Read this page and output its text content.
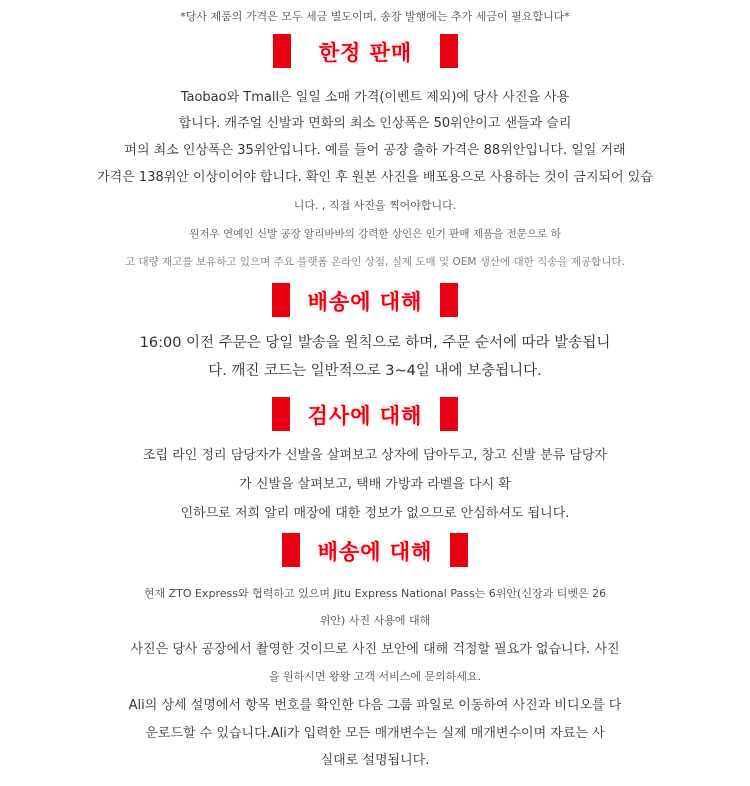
*당사 제품의 가격은 모두 세금 별도이며, 송장 발행에는 추가 세금이 필요합니다*
한정 판매
Taobao와 Tmall은 일일 소매 가격(이벤트 제외)에 당사 사진을 사용
합니다. 캐주얼 신발과 면화의 최소 인상폭은 50위안이고 샌들과 슬리
퍼의 최소 인상폭은 35위안입니다. 예를 들어 공장 출하 가격은 88위안입니다. 일일 거래
가격은 138위안 이상이어야 합니다. 확인 후 원본 사진을 배포용으로 사용하는 것이 금지되어 있습
니다. , 직접 사진을 찍어야합니다.
원저우 연예인 신발 공장 알리바바의 강력한 상인은 인기 판매 제품을 전문으로 하
고 대량 재고를 보유하고 있으며 주요 플랫폼 온라인 상점, 실제 도매 및 OEM 생산에 대한 직송을 제공합니다.
배송에 대해
16:00 이전 주문은 당일 발송을 원칙으로 하며, 주문 순서에 따라 발송됩니
다. 깨진 코드는 일반적으로 3~4일 내에 보충됩니다.
검사에 대해
조립 라인 정리 담당자가 신발을 살펴보고 상자에 담아두고, 창고 신발 분류 담당자
가 신발을 살펴보고, 택배 가방과 라벨을 다시 확
인하므로 저희 알리 매장에 대한 정보가 없으므로 안심하셔도 됩니다.
배송에 대해
현재 ZTO Express와 협력하고 있으며 Jitu Express National Pass는 6위안(신장과 티벳은 26
위안) 사진 사용에 대해
사진은 당사 공장에서 촬영한 것이므로 사진 보안에 대해 걱정할 필요가 없습니다. 사진
을 원하시면 왕왕 고객 서비스에 문의하세요.
Ali의 상세 설명에서 항목 번호를 확인한 다음 그룹 파일로 이동하여 사진과 비디오를 다
운로드할 수 있습니다.Ali가 입력한 모든 매개변수는 실제 매개변수이며 자료는 사
실대로 설명됩니다.
